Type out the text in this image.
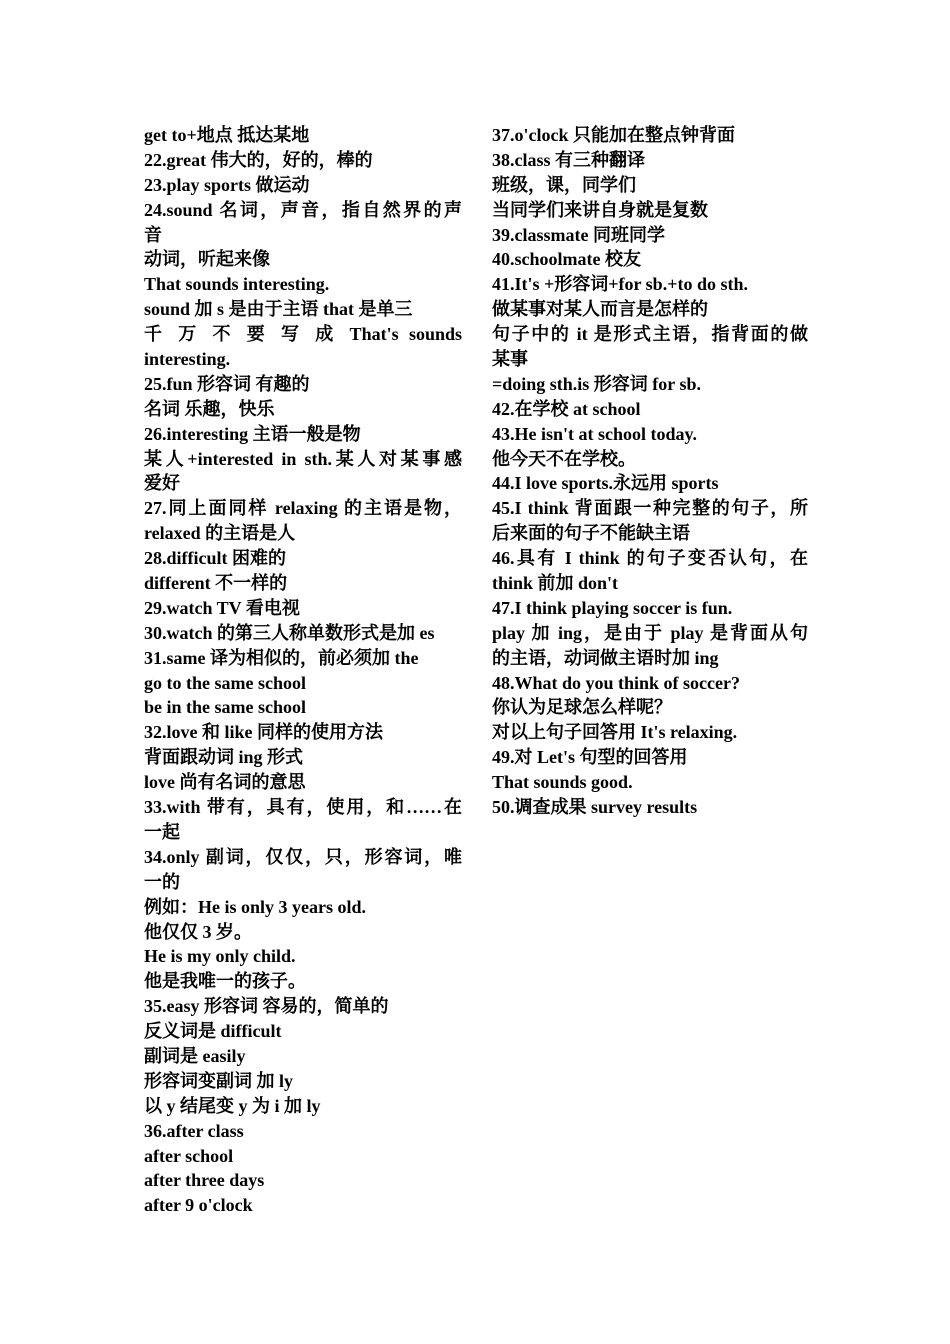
get to+地点 抵达某地
22.great 伟大的，好的，棒的
23.play sports 做运动
24.sound 名词，声音，指自然界的声
音
动词，听起来像
That sounds interesting.
sound 加 s 是由于主语 that 是单三
千 万 不 要 写 成 That's sounds
interesting.
25.fun 形容词 有趣的
名词 乐趣，快乐
26.interesting 主语一般是物
某人+interested in sth.某人对某事感
爱好
27.同上面同样 relaxing 的主语是物，
relaxed 的主语是人
28.difficult 困难的
different 不一样的
29.watch TV 看电视
30.watch 的第三人称单数形式是加 es
31.same 译为相似的，前必须加 the
go to the same school
be in the same school
32.love 和 like 同样的使用方法
背面跟动词 ing 形式
love 尚有名词的意思
33.with 带有，具有，使用，和……在
一起
34.only 副词，仅仅，只，形容词，唯
一的
例如：He is only 3 years old.
他仅仅 3 岁。
He is my only child.
他是我唯一的孩子。
35.easy 形容词 容易的，简单的
反义词是 difficult
副词是 easily
形容词变副词 加 ly
以 y 结尾变 y 为 i 加 ly
36.after class
after school
after three days
after 9 o'clock
37.o'clock 只能加在整点钟背面
38.class 有三种翻译
班级，课，同学们
当同学们来讲自身就是复数
39.classmate 同班同学
40.schoolmate 校友
41.It's +形容词+for sb.+to do sth.
做某事对某人而言是怎样的
句子中的 it 是形式主语，指背面的做
某事
=doing sth.is 形容词 for sb.
42.在学校 at school
43.He isn't at school today.
他今天不在学校。
44.I love sports.永远用 sports
45.I think 背面跟一种完整的句子，所
后来面的句子不能缺主语
46.具有 I think 的句子变否认句，在
think 前加 don't
47.I think playing soccer is fun.
play 加 ing，是由于 play 是背面从句
的主语，动词做主语时加 ing
48.What do you think of soccer?
你认为足球怎么样呢？
对以上句子回答用 It's relaxing.
49.对 Let's 句型的回答用
That sounds good.
50.调查成果 survey results
